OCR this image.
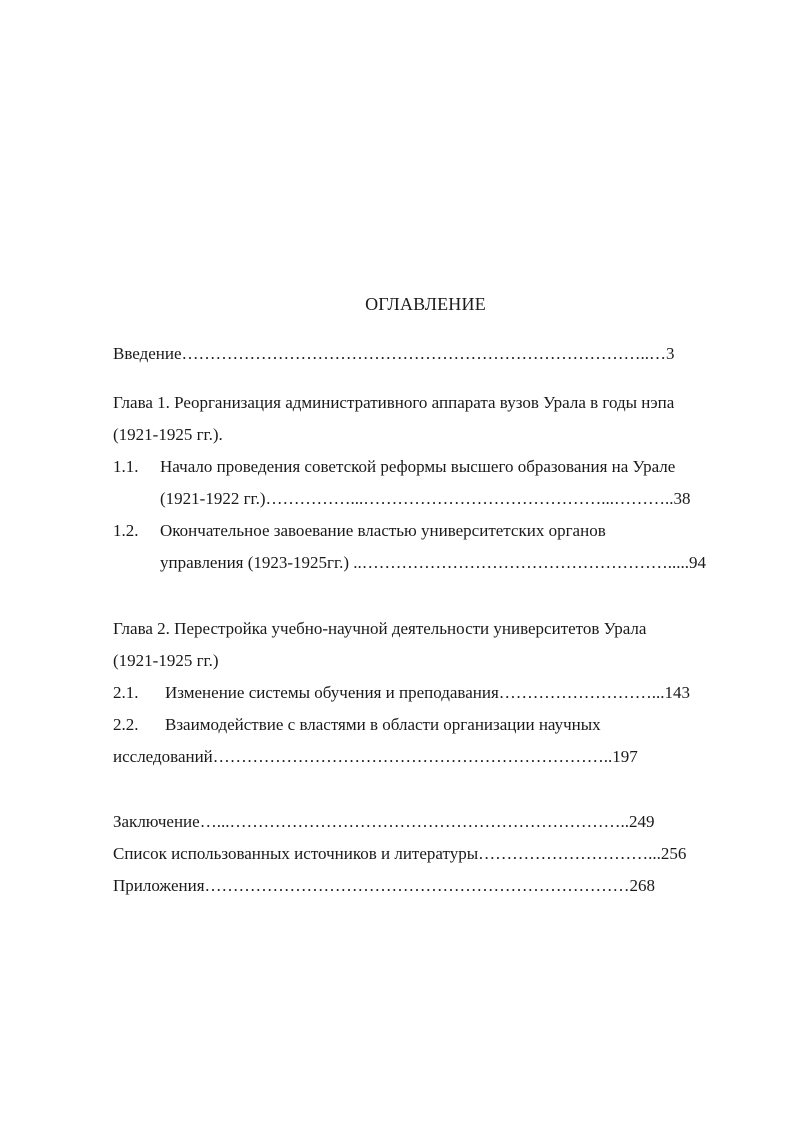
ОГЛАВЛЕНИЕ
Введение………………………………………………………………………..…3
Глава 1. Реорганизация административного аппарата вузов Урала в годы нэпа
(1921-1925 гг.).
1.1. Начало проведения советской реформы высшего образования на Урале
(1921-1922 гг.)……………...……………………………………...………..38
1.2. Окончательное завоевание властью университетских органов
управления (1923-1925гг.) ..……………………………………………….....94
Глава 2. Перестройка учебно-научной деятельности университетов Урала
(1921-1925 гг.)
2.1. Изменение системы обучения и преподавания………………………...143
2.2. Взаимодействие с властями в области организации научных
исследований……………………………………………………………..197
Заключение…...……………………………………………………………..249
Список использованных источников и литературы…………………………...256
Приложения…………………………………………………………………268
